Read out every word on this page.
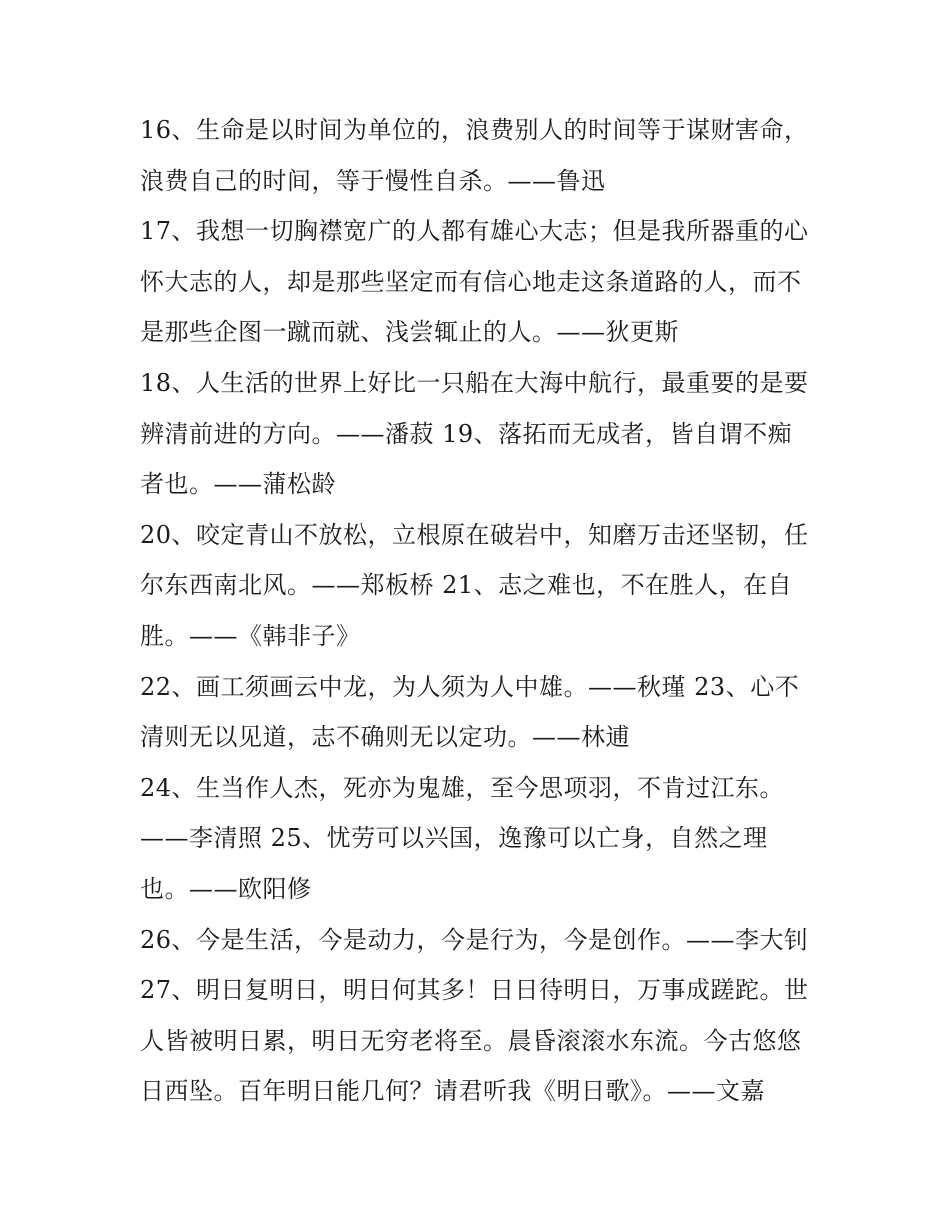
16、生命是以时间为单位的，浪费别人的时间等于谋财害命，
浪费自己的时间，等于慢性自杀。——鲁迅
17、我想一切胸襟宽广的人都有雄心大志；但是我所器重的心
怀大志的人，却是那些坚定而有信心地走这条道路的人，而不
是那些企图一蹴而就、浅尝辄止的人。——狄更斯
18、人生活的世界上好比一只船在大海中航行，最重要的是要
辨清前进的方向。——潘菽 19、落拓而无成者，皆自谓不痴
者也。——蒲松龄
20、咬定青山不放松，立根原在破岩中，知磨万击还坚韧，任
尔东西南北风。——郑板桥 21、志之难也，不在胜人，在自
胜。——《韩非子》
22、画工须画云中龙，为人须为人中雄。——秋瑾 23、心不
清则无以见道，志不确则无以定功。——林逋
24、生当作人杰，死亦为鬼雄，至今思项羽，不肯过江东。
——李清照 25、忧劳可以兴国，逸豫可以亡身，自然之理
也。——欧阳修
26、今是生活，今是动力，今是行为，今是创作。——李大钊
27、明日复明日，明日何其多！日日待明日，万事成蹉跎。世
人皆被明日累，明日无穷老将至。晨昏滚滚水东流。今古悠悠
日西坠。百年明日能几何？请君听我《明日歌》。——文嘉
